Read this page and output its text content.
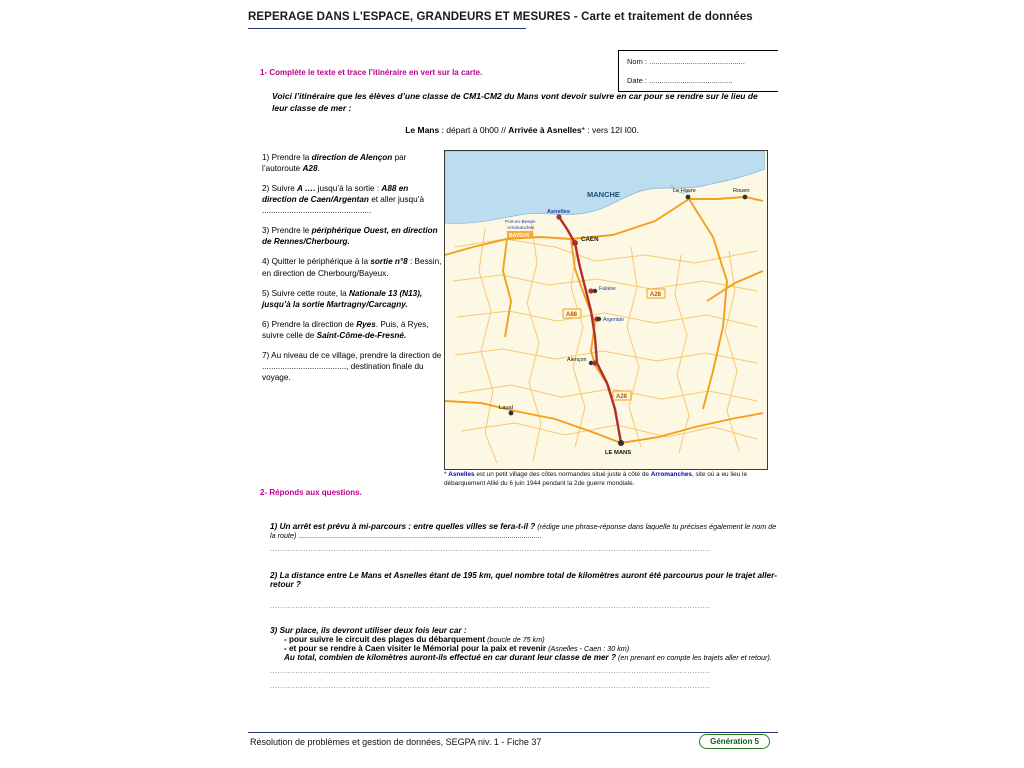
REPERAGE DANS L'ESPACE, GRANDEURS ET MESURES - Carte et traitement de données
Nom : ..............................................
Date : ........................................
1- Complète le texte et trace l’itinéraire en vert sur la carte.
Voici l’itinéraire que les élèves d’une classe de CM1-CM2 du Mans vont devoir suivre en car pour se rendre sur le lieu de leur classe de mer :
Le Mans : départ à 0h00 // Arrivée à Asnelles* : vers 12I I00.
1) Prendre la direction de Alençon par l’autoroute A28.
2) Suivre A …. jusqu’à la sortie : A88 en direction de Caen/Argentan et aller jusqu’à ................................................
3) Prendre le périphérique Ouest, en direction de Rennes/Cherbourg.
4) Quitter le périphérique à la sortie n°8 : Bessin, en direction de Cherbourg/Bayeux.
5) Suivre cette route, la Nationale 13 (N13), jusqu’à la sortie Martragny/Carcagny.
6) Prendre la direction de Ryes. Puis, à Ryes, suivre celle de Saint-Côme-de-Fresné.
7) Au niveau de ce village, prendre la direction de ....................................., destination finale du voyage.
MANCHE	Le Havre	Rouen
CAEN
Asnelles
Arromanches
Port-en-Bessin
BAYEUX
Falaise
Argentan
Alençon
Laval
LE MANS
A28
A88
A28
* Asnelles est un petit village des côtes normandes situé juste à côté de Arromanches, site où a eu lieu le débarquement Allié du 6 juin 1944 pendant la 2de guerre mondiale.
2- Réponds aux questions.
1) Un arrêt est prévu à mi-parcours : entre quelles villes se fera-t-il ? (rédige une phrase-réponse dans laquelle tu précises également le nom de la route) ..........................................................................................................................
.............................................................................................................................................................................
2) La distance entre Le Mans et Asnelles étant de 195 km, quel nombre total de kilomètres auront été parcourus pour le trajet aller-retour ?
.............................................................................................................................................................................
3) Sur place, ils devront utiliser deux fois leur car :
- pour suivre le circuit des plages du débarquement (boucle de 75 km)
- et pour se rendre à Caen visiter le Mémorial pour la paix et revenir (Asnelles - Caen : 30 km)
Au total, combien de kilomètres auront-ils effectué en car durant leur classe de mer ? (en prenant en compte les trajets aller et retour).
.............................................................................................................................................................................
.............................................................................................................................................................................
Résolution de problèmes et gestion de données, SEGPA niv. 1 - Fiche 37	Génération 5
